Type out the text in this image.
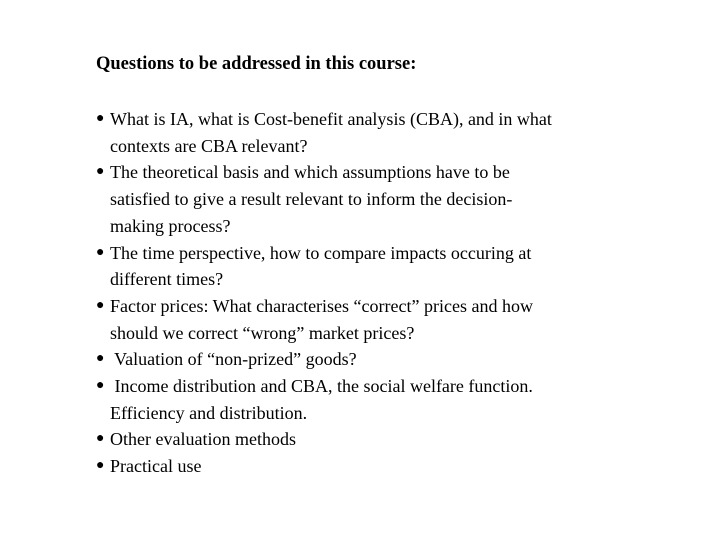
Questions to be addressed in this course:
● What is IA, what is Cost-benefit analysis (CBA), and in what
contexts are CBA relevant?
● The theoretical basis and which assumptions have to be
satisfied to give a result relevant to inform the decision-
making process?
● The time perspective, how to compare impacts occuring at
different times?
● Factor prices: What characterises “correct” prices and how
should we correct “wrong” market prices?
● Valuation of “non-prized” goods?
● Income distribution and CBA, the social welfare function.
Efficiency and distribution.
● Other evaluation methods
● Practical use
